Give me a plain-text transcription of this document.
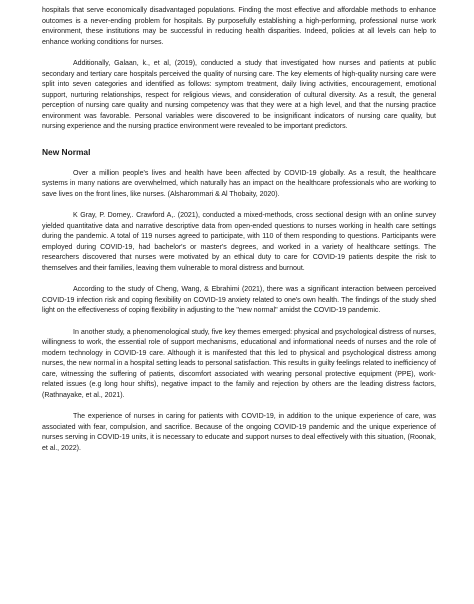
hospitals that serve economically disadvantaged populations. Finding the most effective and affordable methods to enhance outcomes is a never-ending problem for hospitals. By purposefully establishing a high-performing, professional nurse work environment, these institutions may be successful in reducing health disparities. Indeed, policies at all levels can help to enhance working conditions for nurses.

Additionally, Galaan, k., et al, (2019), conducted a study that investigated how nurses and patients at public secondary and tertiary care hospitals perceived the quality of nursing care. The key elements of high-quality nursing care were split into seven categories and identified as follows: symptom treatment, daily living activities, encouragement, emotional support, nurturing relationships, respect for religious views, and consideration of cultural diversity. As a result, the general perception of nursing care quality and nursing competency was that they were at a high level, and that the nursing practice environment was favorable. Personal variables were discovered to be insignificant indicators of nursing care quality, but nursing experience and the nursing practice environment were revealed to be important predictors.

New Normal

Over a million people's lives and health have been affected by COVID-19 globally. As a result, the healthcare systems in many nations are overwhelmed, which naturally has an impact on the healthcare professionals who are working to save lives on the front lines, like nurses. (Alsharommari & Al Thobaity, 2020).

K Gray, P. Dorney,. Crawford A,. (2021), conducted a mixed-methods, cross sectional design with an online survey yielded quantitative data and narrative descriptive data from open-ended questions to nurses working in health care settings during the pandemic. A total of 119 nurses agreed to participate, with 110 of them responding to questions. Participants were employed during COVID-19, had bachelor's or master's degrees, and worked in a variety of healthcare settings. The researchers discovered that nurses were motivated by an ethical duty to care for COVID-19 patients despite the risk to themselves and their families, leaving them vulnerable to moral distress and burnout.

According to the study of Cheng, Wang, & Ebrahimi (2021), there was a significant interaction between perceived COVID-19 infection risk and coping flexibility on COVID-19 anxiety related to one's own health. The findings of the study shed light on the effectiveness of coping flexibility in adjusting to the "new normal" amidst the COVID-19 pandemic.

In another study, a phenomenological study, five key themes emerged: physical and psychological distress of nurses, willingness to work, the essential role of support mechanisms, educational and informational needs of nurses and the role of modern technology in COVID-19 care. Although it is manifested that this led to physical and psychological distress among nurses, the new normal in a hospital setting leads to personal satisfaction. This results in guilty feelings related to inefficiency of care, witnessing the suffering of patients, discomfort associated with wearing personal protective equipment (PPE), work-related issues (e.g long hour shifts), negative impact to the family and rejection by others are the leading distress factors, (Rathnayake, et al., 2021).

The experience of nurses in caring for patients with COVID-19, in addition to the unique experience of care, was associated with fear, compulsion, and sacrifice. Because of the ongoing COVID-19 pandemic and the unique experience of nurses serving in COVID-19 units, it is necessary to educate and support nurses to deal effectively with this situation, (Roonak, et al., 2022).
